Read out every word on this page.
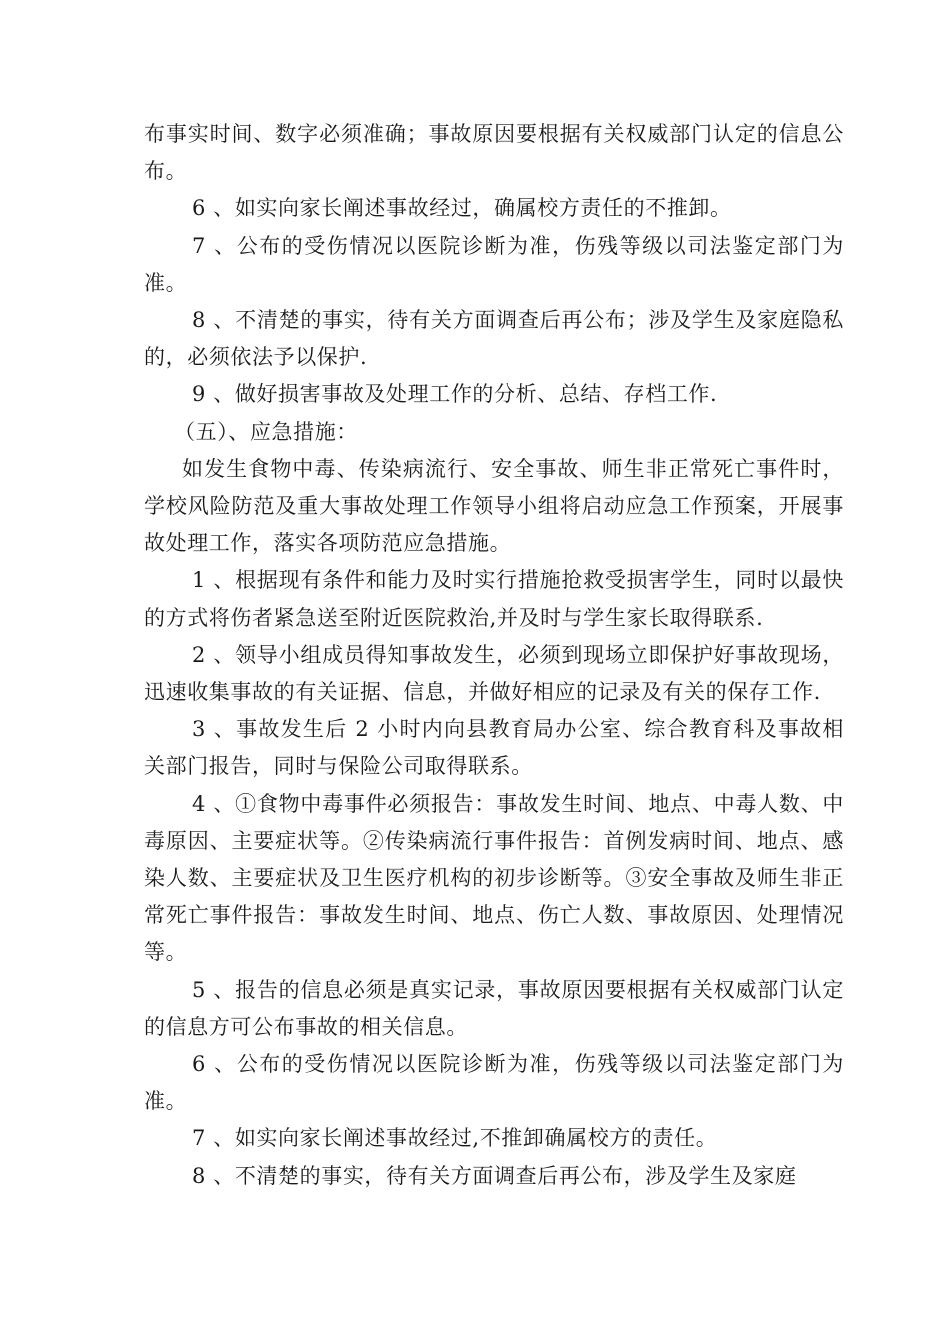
布事实时间、数字必须准确；事故原因要根据有关权威部门认定的信息公布。

6 、如实向家长阐述事故经过，确属校方责任的不推卸。

7 、公布的受伤情况以医院诊断为准，伤残等级以司法鉴定部门为准。

8 、不清楚的事实，待有关方面调查后再公布；涉及学生及家庭隐私的，必须依法予以保护.

9 、做好损害事故及处理工作的分析、总结、存档工作.

（五）、应急措施：

如发生食物中毒、传染病流行、安全事故、师生非正常死亡事件时，学校风险防范及重大事故处理工作领导小组将启动应急工作预案，开展事故处理工作，落实各项防范应急措施。

1 、根据现有条件和能力及时实行措施抢救受损害学生，同时以最快的方式将伤者紧急送至附近医院救治,并及时与学生家长取得联系.

2 、领导小组成员得知事故发生，必须到现场立即保护好事故现场，迅速收集事故的有关证据、信息，并做好相应的记录及有关的保存工作.

3 、事故发生后 2 小时内向县教育局办公室、综合教育科及事故相关部门报告，同时与保险公司取得联系。

4 、①食物中毒事件必须报告：事故发生时间、地点、中毒人数、中毒原因、主要症状等。②传染病流行事件报告：首例发病时间、地点、感染人数、主要症状及卫生医疗机构的初步诊断等。③安全事故及师生非正常死亡事件报告：事故发生时间、地点、伤亡人数、事故原因、处理情况等。

5 、报告的信息必须是真实记录，事故原因要根据有关权威部门认定的信息方可公布事故的相关信息。

6 、公布的受伤情况以医院诊断为准，伤残等级以司法鉴定部门为准。

7 、如实向家长阐述事故经过,不推卸确属校方的责任。

8 、不清楚的事实，待有关方面调查后再公布，涉及学生及家庭
